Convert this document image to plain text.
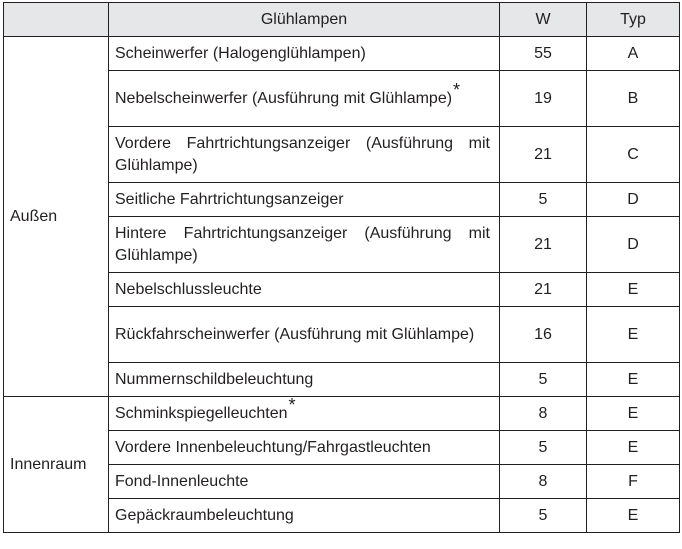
	Glühlampen	W	Typ
Außen	Scheinwerfer (Halogenglühlampen)	55	A
	Nebelscheinwerfer (Ausführung mit Glühlampe)*	19	B
	Vordere Fahrtrichtungsanzeiger (Ausführung mit Glühlampe)	21	C
	Seitliche Fahrtrichtungsanzeiger	5	D
	Hintere Fahrtrichtungsanzeiger (Ausführung mit Glühlampe)	21	D
	Nebelschlussleuchte	21	E
	Rückfahrscheinwerfer (Ausführung mit Glühlampe)	16	E
	Nummernschildbeleuchtung	5	E
Innenraum	Schminkspiegelleuchten*	8	E
	Vordere Innenbeleuchtung/Fahrgastleuchten	5	E
	Fond-Innenleuchte	8	F
	Gepäckraumbeleuchtung	5	E
